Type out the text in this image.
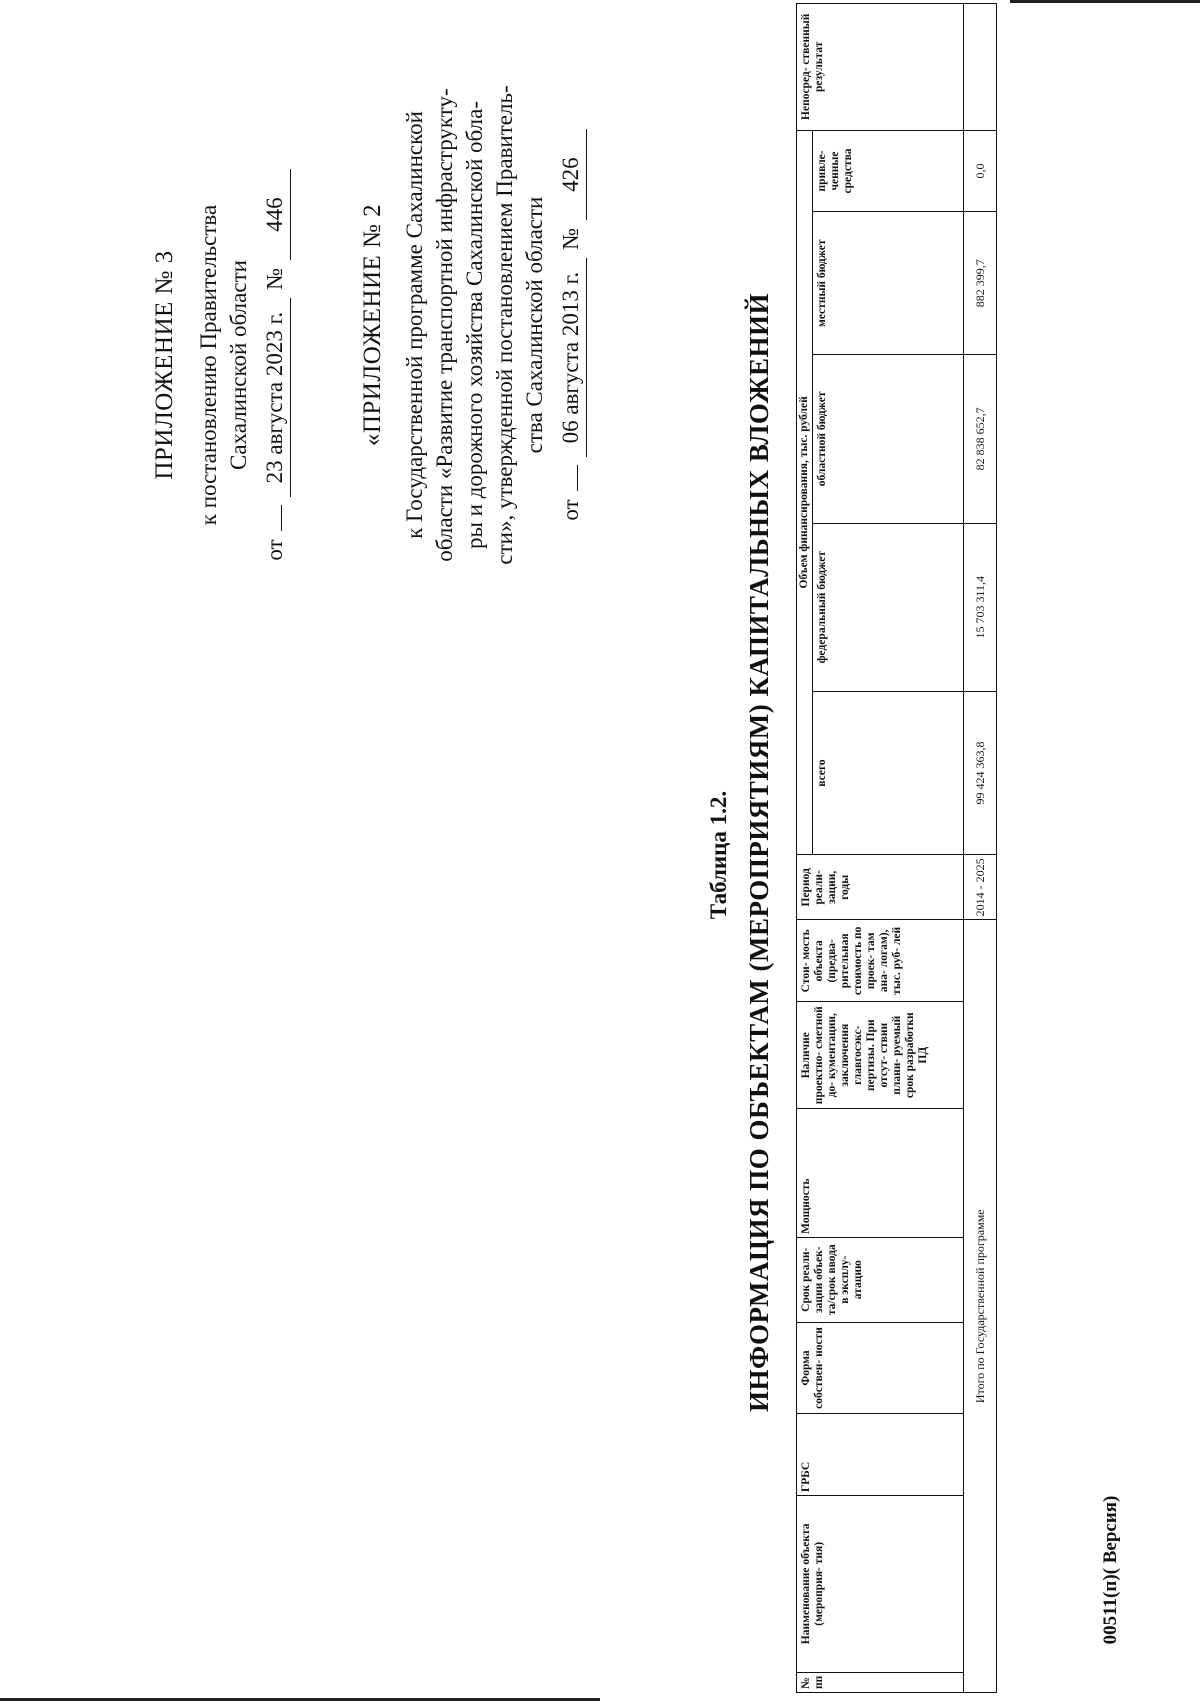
ПРИЛОЖЕНИЕ № 3 к постановлению Правительства Сахалинской области
от
23 августа 2023 г.
№
446	«ПРИЛОЖЕНИЕ № 2 к Государственной программе Сахалинской области «Развитие транспортной инфраструкту- ры и дорожного хозяйства Сахалинской обла- сти», утвержденной постановлением Правитель- ства Сахалинской области
от
06 августа 2013 г.
№
426
Таблица 1.2. ИНФОРМАЦИЯ ПО ОБЪЕКТАМ (МЕРОПРИЯТИЯМ) КАПИТАЛЬНЫХ ВЛОЖЕНИЙ
№ пп	Наименование объекта (мероприя- тия)	ГРБС	Форма собствен- ности	Срок реали- зации объек- та/срок ввода в эксплу- атацию	Мощность	Наличие проектно- сметной до- кументации, заключения главгосэкс- пертизы. При отсут- ствии плани- руемый срок разработки ПД	Стои- мость объекта (предва- рительная стоимость по проек- там ана- логам), тыс. руб- лей	Период реали- зации, годы	Объем финансирования, тыс. рублей					Непосред- ственный результат
									всего	федеральный бюджет	областной бюджет	местный бюджет	привле- ченные средства	
Итого по Государственной программе								2014 - 2025	99 424 363,8	15 703 311,4	82 838 652,7	882 399,7	0,0	
00511(п)( Версия)
